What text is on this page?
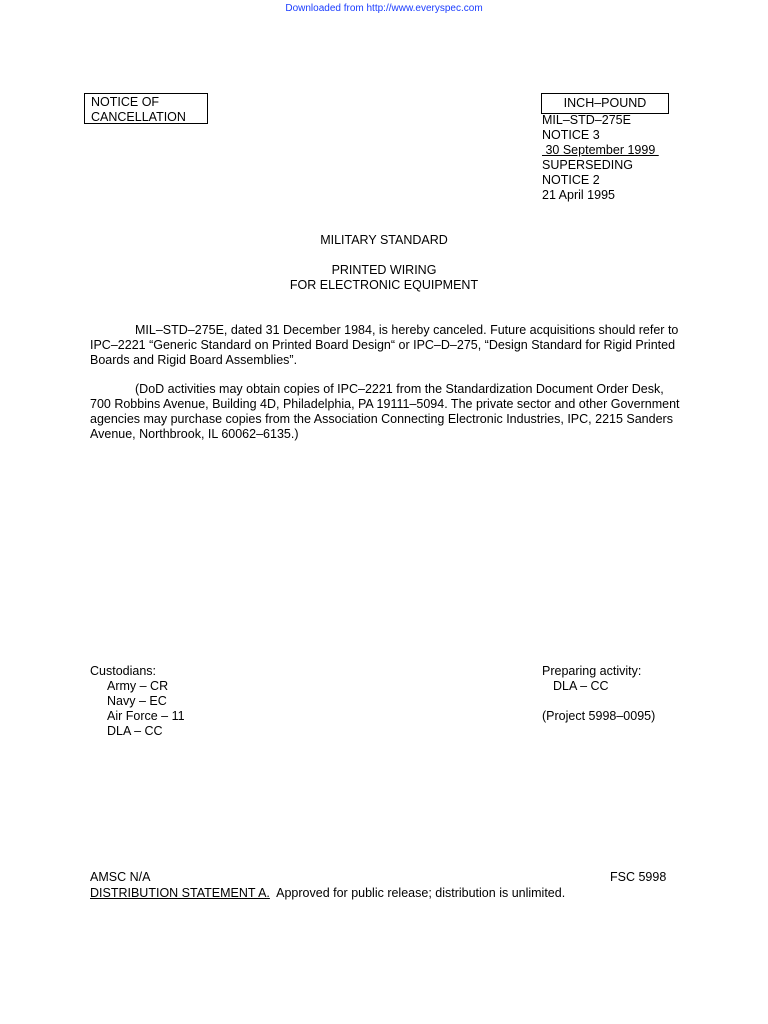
Downloaded from http://www.everyspec.com
NOTICE OF
CANCELLATION
INCH–POUND
MIL–STD–275E
NOTICE 3
30 September 1999
SUPERSEDING
NOTICE 2
21 April 1995
MILITARY STANDARD
PRINTED WIRING
FOR ELECTRONIC EQUIPMENT
MIL–STD–275E, dated 31 December 1984, is hereby canceled. Future acquisitions should refer to IPC–2221 “Generic Standard on Printed Board Design“ or IPC–D–275, “Design Standard for Rigid Printed Boards and Rigid Board Assemblies”.
(DoD activities may obtain copies of IPC–2221 from the Standardization Document Order Desk, 700 Robbins Avenue, Building 4D, Philadelphia, PA 19111–5094. The private sector and other Government agencies may purchase copies from the Association Connecting Electronic Industries, IPC, 2215 Sanders Avenue, Northbrook, IL 60062–6135.)
Custodians:
Army – CR
Navy – EC
Air Force – 11
DLA – CC
Preparing activity:
DLA – CC
(Project 5998–0095)
AMSC N/A	FSC 5998
DISTRIBUTION STATEMENT A.  Approved for public release; distribution is unlimited.
